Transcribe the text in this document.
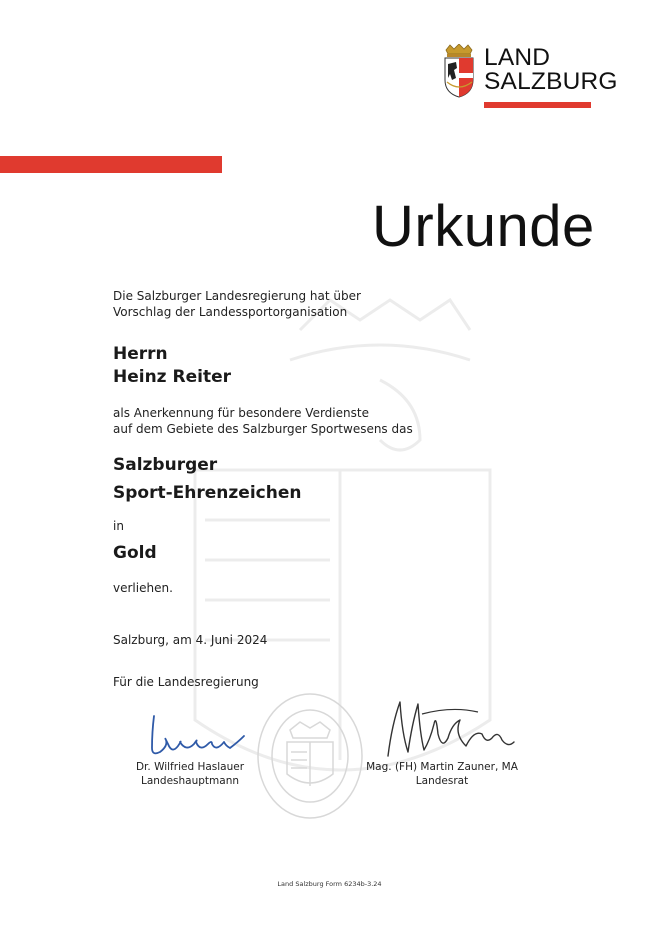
LAND
SALZBURG
Urkunde
Die Salzburger Landesregierung hat über
Vorschlag der Landessportorganisation
Herrn
Heinz Reiter
als Anerkennung für besondere Verdienste
auf dem Gebiete des Salzburger Sportwesens das
Salzburger
Sport-Ehrenzeichen
in
Gold
verliehen.
Salzburg, am 4. Juni 2024
Für die Landesregierung
Dr. Wilfried Haslauer
Landeshauptmann
Mag. (FH) Martin Zauner, MA
Landesrat
Land Salzburg Form 6234b-3.24
